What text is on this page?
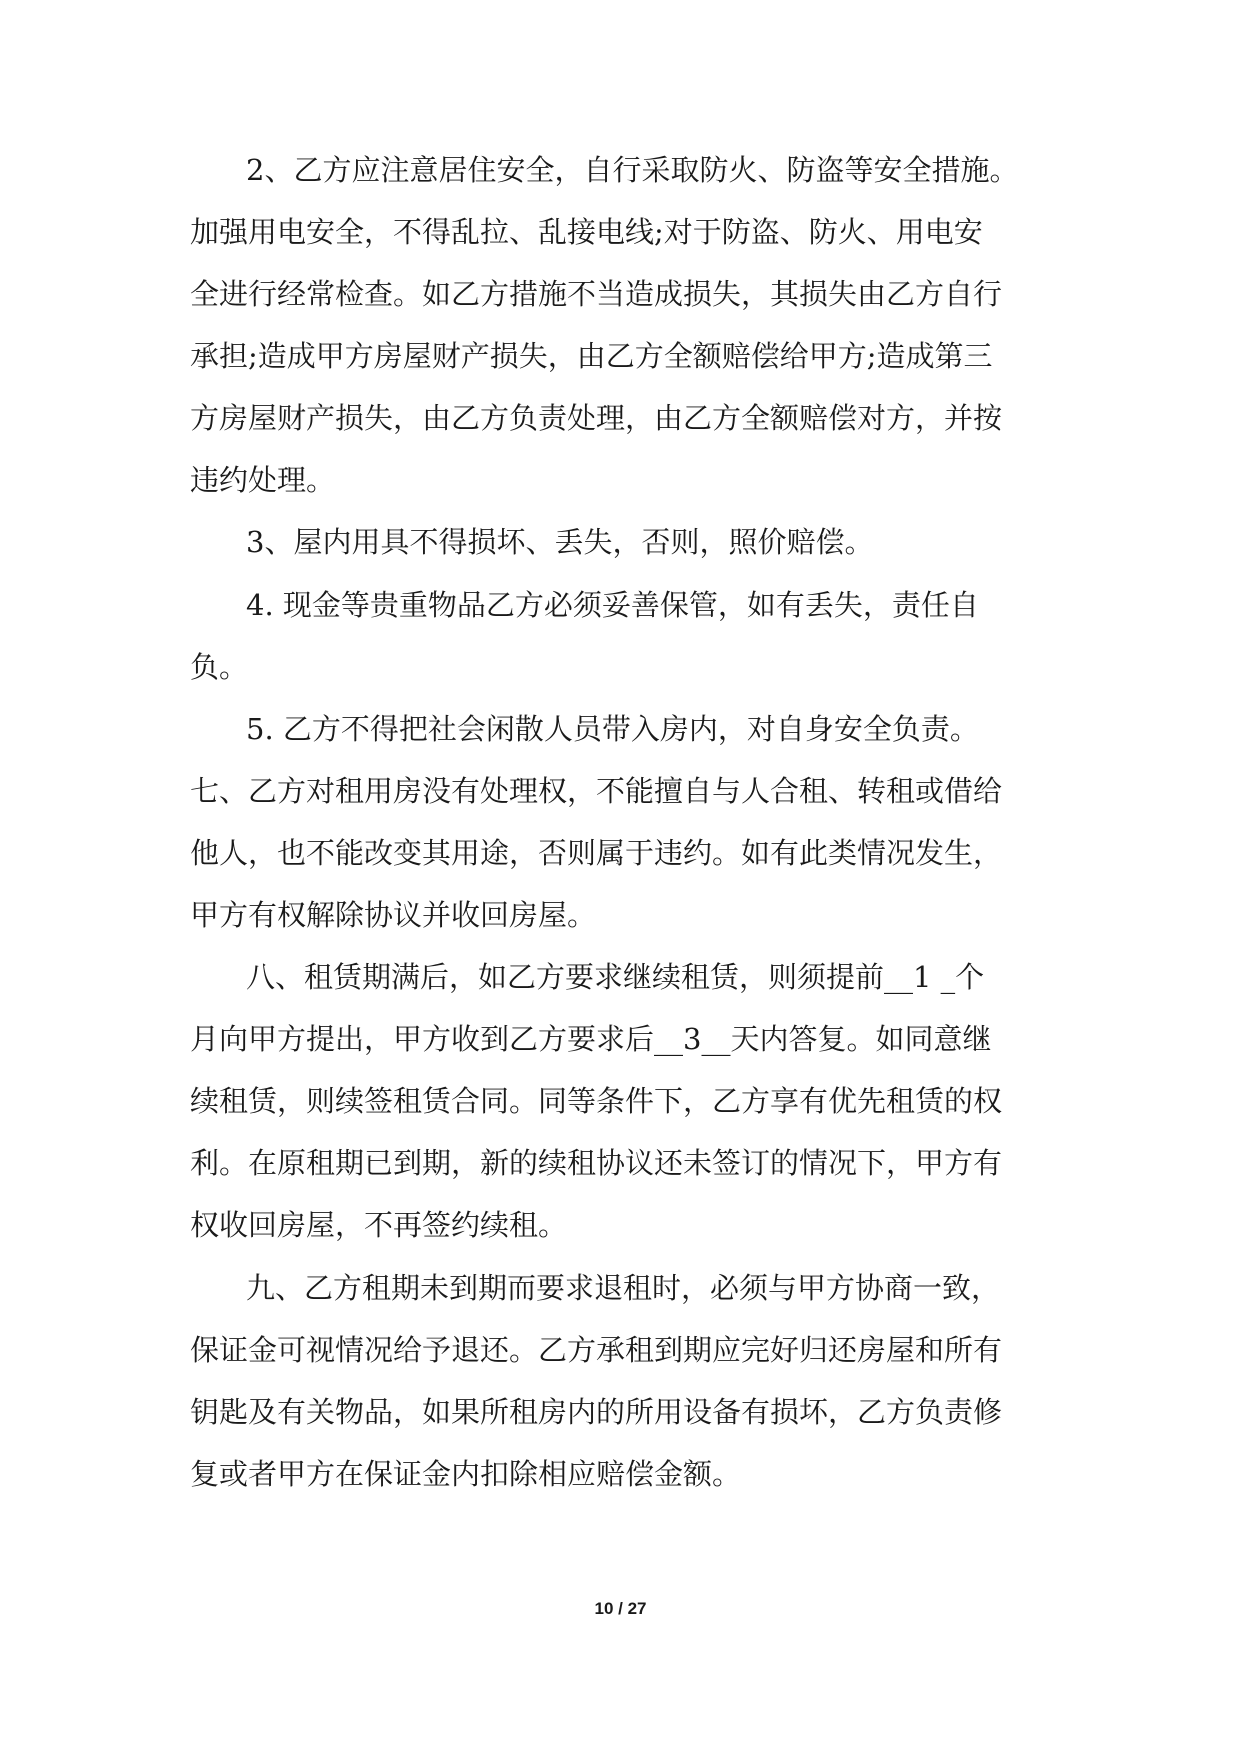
2、乙方应注意居住安全，自行采取防火、防盗等安全措施。
加强用电安全，不得乱拉、乱接电线;对于防盗、防火、用电安
全进行经常检查。如乙方措施不当造成损失，其损失由乙方自行
承担;造成甲方房屋财产损失，由乙方全额赔偿给甲方;造成第三
方房屋财产损失，由乙方负责处理，由乙方全额赔偿对方，并按
违约处理。
3、屋内用具不得损坏、丢失，否则，照价赔偿。
4. 现金等贵重物品乙方必须妥善保管，如有丢失，责任自
负。
5. 乙方不得把社会闲散人员带入房内，对自身安全负责。
七、乙方对租用房没有处理权，不能擅自与人合租、转租或借给
他人，也不能改变其用途，否则属于违约。如有此类情况发生，
甲方有权解除协议并收回房屋。
八、租赁期满后，如乙方要求继续租赁，则须提前__1 _个
月向甲方提出，甲方收到乙方要求后__3__天内答复。如同意继
续租赁，则续签租赁合同。同等条件下，乙方享有优先租赁的权
利。在原租期已到期，新的续租协议还未签订的情况下，甲方有
权收回房屋，不再签约续租。
九、乙方租期未到期而要求退租时，必须与甲方协商一致，
保证金可视情况给予退还。乙方承租到期应完好归还房屋和所有
钥匙及有关物品，如果所租房内的所用设备有损坏，乙方负责修
复或者甲方在保证金内扣除相应赔偿金额。
10 / 27
